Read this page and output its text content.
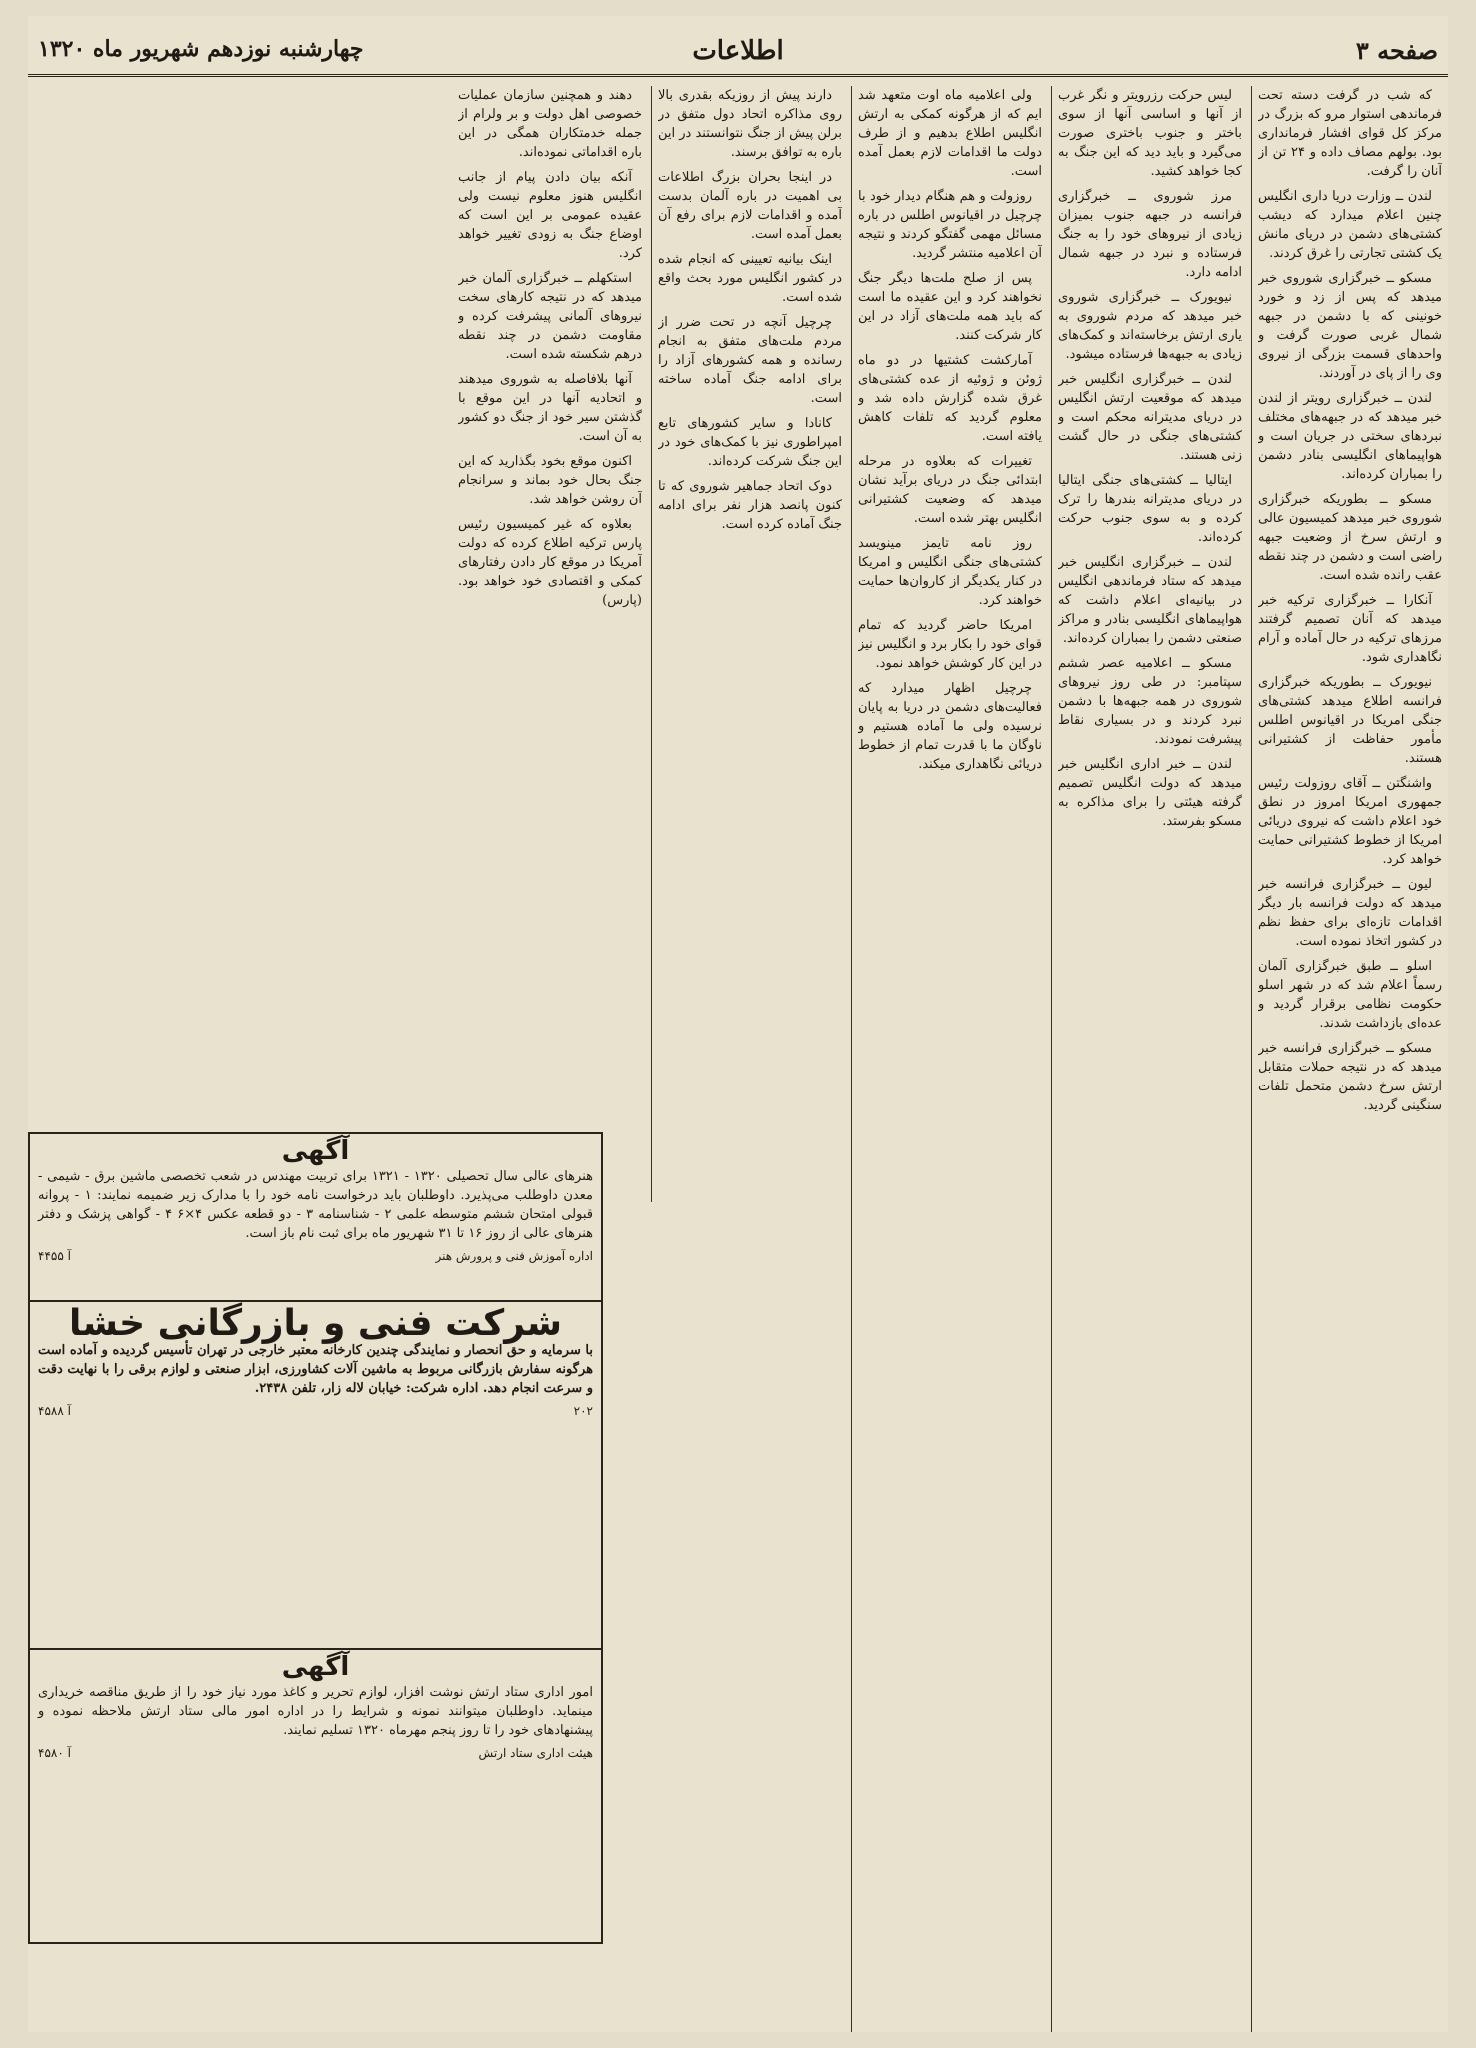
صفحه ۳
اطلاعات
چهارشنبه نوزدهم شهریور ماه ۱۳۲۰

که شب در گرفت دسته تحت فرماندهی استوار مرو که بزرگ در مرکز کل قوای افشار فرمانداری بود. بولهم مصاف داده و ۲۴ تن از آنان را گرفت.

لندن ــ وزارت دریا داری انگلیس چنین اعلام میدارد که دیشب کشتی‌های دشمن در دریای مانش یک کشتی تجارتی را غرق کردند.

مسکو ــ خبرگزاری شوروی خبر میدهد که پس از زد و خورد خونینی که با دشمن در جبهه شمال غربی صورت گرفت و واحدهای قسمت بزرگی از نیروی وی را از پای در آوردند.

لندن ــ خبرگزاری رویتر از لندن خبر میدهد که در جبهه‌های مختلف نبردهای سختی در جریان است و هواپیماهای انگلیسی بنادر دشمن را بمباران کرده‌اند.

مسکو ــ بطوریکه خبرگزاری شوروی خبر میدهد کمیسیون عالی و ارتش سرخ از وضعیت جبهه راضی است و دشمن در چند نقطه عقب رانده شده است.

آنکارا ــ خبرگزاری ترکیه خبر میدهد که آنان تصمیم گرفتند مرزهای ترکیه در حال آماده و آرام نگاهداری شود.

نیویورک ــ بطوریکه خبرگزاری فرانسه اطلاع میدهد کشتی‌های جنگی امریکا در اقیانوس اطلس مأمور حفاظت از کشتیرانی هستند.

واشنگتن ــ آقای روزولت رئیس جمهوری امریکا امروز در نطق خود اعلام داشت که نیروی دریائی امریکا از خطوط کشتیرانی حمایت خواهد کرد.

لیون ــ خبرگزاری فرانسه خبر میدهد که دولت فرانسه بار دیگر اقدامات تازه‌ای برای حفظ نظم در کشور اتخاذ نموده است.

اسلو ــ طبق خبرگزاری آلمان رسماً اعلام شد که در شهر اسلو حکومت نظامی برقرار گردید و عده‌ای بازداشت شدند.

مسکو ــ خبرگزاری فرانسه خبر میدهد که در نتیجه حملات متقابل ارتش سرخ دشمن متحمل تلفات سنگینی گردید.

لیس حرکت رزرویتر و نگر غرب از آنها و اساسی آنها از سوی باختر و جنوب باختری صورت می‌گیرد و باید دید که این جنگ به کجا خواهد کشید.

مرز شوروی ــ خبرگزاری فرانسه در جبهه جنوب بمیزان زیادی از نیروهای خود را به جنگ فرستاده و نبرد در جبهه شمال ادامه دارد.

نیویورک ــ خبرگزاری شوروی خبر میدهد که مردم شوروی به یاری ارتش برخاسته‌اند و کمک‌های زیادی به جبهه‌ها فرستاده میشود.

لندن ــ خبرگزاری انگلیس خبر میدهد که موقعیت ارتش انگلیس در دریای مدیترانه محکم است و کشتی‌های جنگی در حال گشت زنی هستند.

ایتالیا ــ کشتی‌های جنگی ایتالیا در دریای مدیترانه بندرها را ترک کرده و به سوی جنوب حرکت کرده‌اند.

لندن ــ خبرگزاری انگلیس خبر میدهد که ستاد فرماندهی انگلیس در بیانیه‌ای اعلام داشت که هواپیماهای انگلیسی بنادر و مراکز صنعتی دشمن را بمباران کرده‌اند.

مسکو ــ اعلامیه عصر ششم سپتامبر: در طی روز نیروهای شوروی در همه جبهه‌ها با دشمن نبرد کردند و در بسیاری نقاط پیشرفت نمودند.

لندن ــ خبر اداری انگلیس خبر میدهد که دولت انگلیس تصمیم گرفته هیئتی را برای مذاکره به مسکو بفرستد.

ولی اعلامیه ماه اوت متعهد شد ایم که از هرگونه کمکی به ارتش انگلیس اطلاع بدهیم و از طرف دولت ما اقدامات لازم بعمل آمده است.

روزولت و هم هنگام دیدار خود با چرچیل در اقیانوس اطلس در باره مسائل مهمی گفتگو کردند و نتیجه آن اعلامیه منتشر گردید.

پس از صلح ملت‌ها دیگر جنگ نخواهند کرد و این عقیده ما است که باید همه ملت‌های آزاد در این کار شرکت کنند.

آمارکشت کشتیها در دو ماه ژوئن و ژوئیه از عده کشتی‌های غرق شده گزارش داده شد و معلوم گردید که تلفات کاهش یافته است.

تغییرات که بعلاوه در مرحله ابتدائی جنگ در دریای برآید نشان میدهد که وضعیت کشتیرانی انگلیس بهتر شده است.

روز نامه تایمز مینویسد کشتی‌های جنگی انگلیس و امریکا در کنار یکدیگر از کاروان‌ها حمایت خواهند کرد.

امریکا حاضر گردید که تمام قوای خود را بکار برد و انگلیس نیز در این کار کوشش خواهد نمود.

چرچیل اظهار میدارد که فعالیت‌های دشمن در دریا به پایان نرسیده ولی ما آماده هستیم و ناوگان ما با قدرت تمام از خطوط دریائی نگاهداری میکند.

دارند پیش از روزیکه بقدری بالا روی مذاکره اتحاد دول متفق در برلن پیش از جنگ نتوانستند در این باره به توافق برسند.

در اینجا بحران بزرگ اطلاعات بی اهمیت در باره آلمان بدست آمده و اقدامات لازم برای رفع آن بعمل آمده است.

اینک بیانیه تعیینی که انجام شده در کشور انگلیس مورد بحث واقع شده است.

چرچیل آنچه در تحت ضرر از مردم ملت‌های متفق به انجام رسانده و همه کشورهای آزاد را برای ادامه جنگ آماده ساخته است.

کانادا و سایر کشورهای تابع امپراطوری نیز با کمک‌های خود در این جنگ شرکت کرده‌اند.

دوک اتحاد جماهیر شوروی که تا کنون پانصد هزار نفر برای ادامه جنگ آماده کرده است.

دهند و همچنین سازمان عملیات خصوصی اهل دولت و بر ولرام از جمله خدمتکاران همگی در این باره اقداماتی نموده‌اند.

آنکه بیان دادن پیام از جانب انگلیس هنوز معلوم نیست ولی عقیده عمومی بر این است که اوضاع جنگ به زودی تغییر خواهد کرد.

استکهلم ــ خبرگزاری آلمان خبر میدهد که در نتیجه کارهای سخت نیروهای آلمانی پیشرفت کرده و مقاومت دشمن در چند نقطه درهم شکسته شده است.

آنها بلافاصله به شوروی میدهند و اتحادیه آنها در این موقع با گذشتن سیر خود از جنگ دو کشور به آن است.

اکنون موقع بخود بگذارید که این جنگ بحال خود بماند و سرانجام آن روشن خواهد شد.

بعلاوه که غیر کمیسیون رئیس پارس ترکیه اطلاع کرده که دولت آمریکا در موقع کار دادن رفتارهای کمکی و اقتصادی خود خواهد بود. (پارس)

آگهی
هنرهای عالی سال تحصیلی ۱۳۲۰ - ۱۳۲۱ برای تربیت مهندس در شعب تخصصی ماشین برق - شیمی - معدن داوطلب می‌پذیرد. داوطلبان باید درخواست نامه خود را با مدارک زیر ضمیمه نمایند: ۱ - پروانه قبولی امتحان ششم متوسطه علمی ۲ - شناسنامه ۳ - دو قطعه عکس ۴×۶ ۴ - گواهی پزشک و دفتر هنرهای عالی از روز ۱۶ تا ۳۱ شهریور ماه برای ثبت نام باز است.
اداره آموزش فنی و پرورش هنر
آ ۴۴۵۵
شرکت فنی و بازرگانی خشا
با سرمایه و حق انحصار و نمایندگی چندین کارخانه معتبر خارجی در تهران تأسیس گردیده و آماده است هرگونه سفارش بازرگانی مربوط به ماشین آلات کشاورزی، ابزار صنعتی و لوازم برقی را با نهایت دقت و سرعت انجام دهد. اداره شرکت: خیابان لاله زار، تلفن ۲۴۳۸.
۲۰۲
آ ۴۵۸۸
آگهی
امور اداری ستاد ارتش نوشت افزار، لوازم تحریر و کاغذ مورد نیاز خود را از طریق مناقصه خریداری مینماید. داوطلبان میتوانند نمونه و شرایط را در اداره امور مالی ستاد ارتش ملاحظه نموده و پیشنهادهای خود را تا روز پنجم مهرماه ۱۳۲۰ تسلیم نمایند.
هیئت اداری ستاد ارتش
آ ۴۵۸۰
